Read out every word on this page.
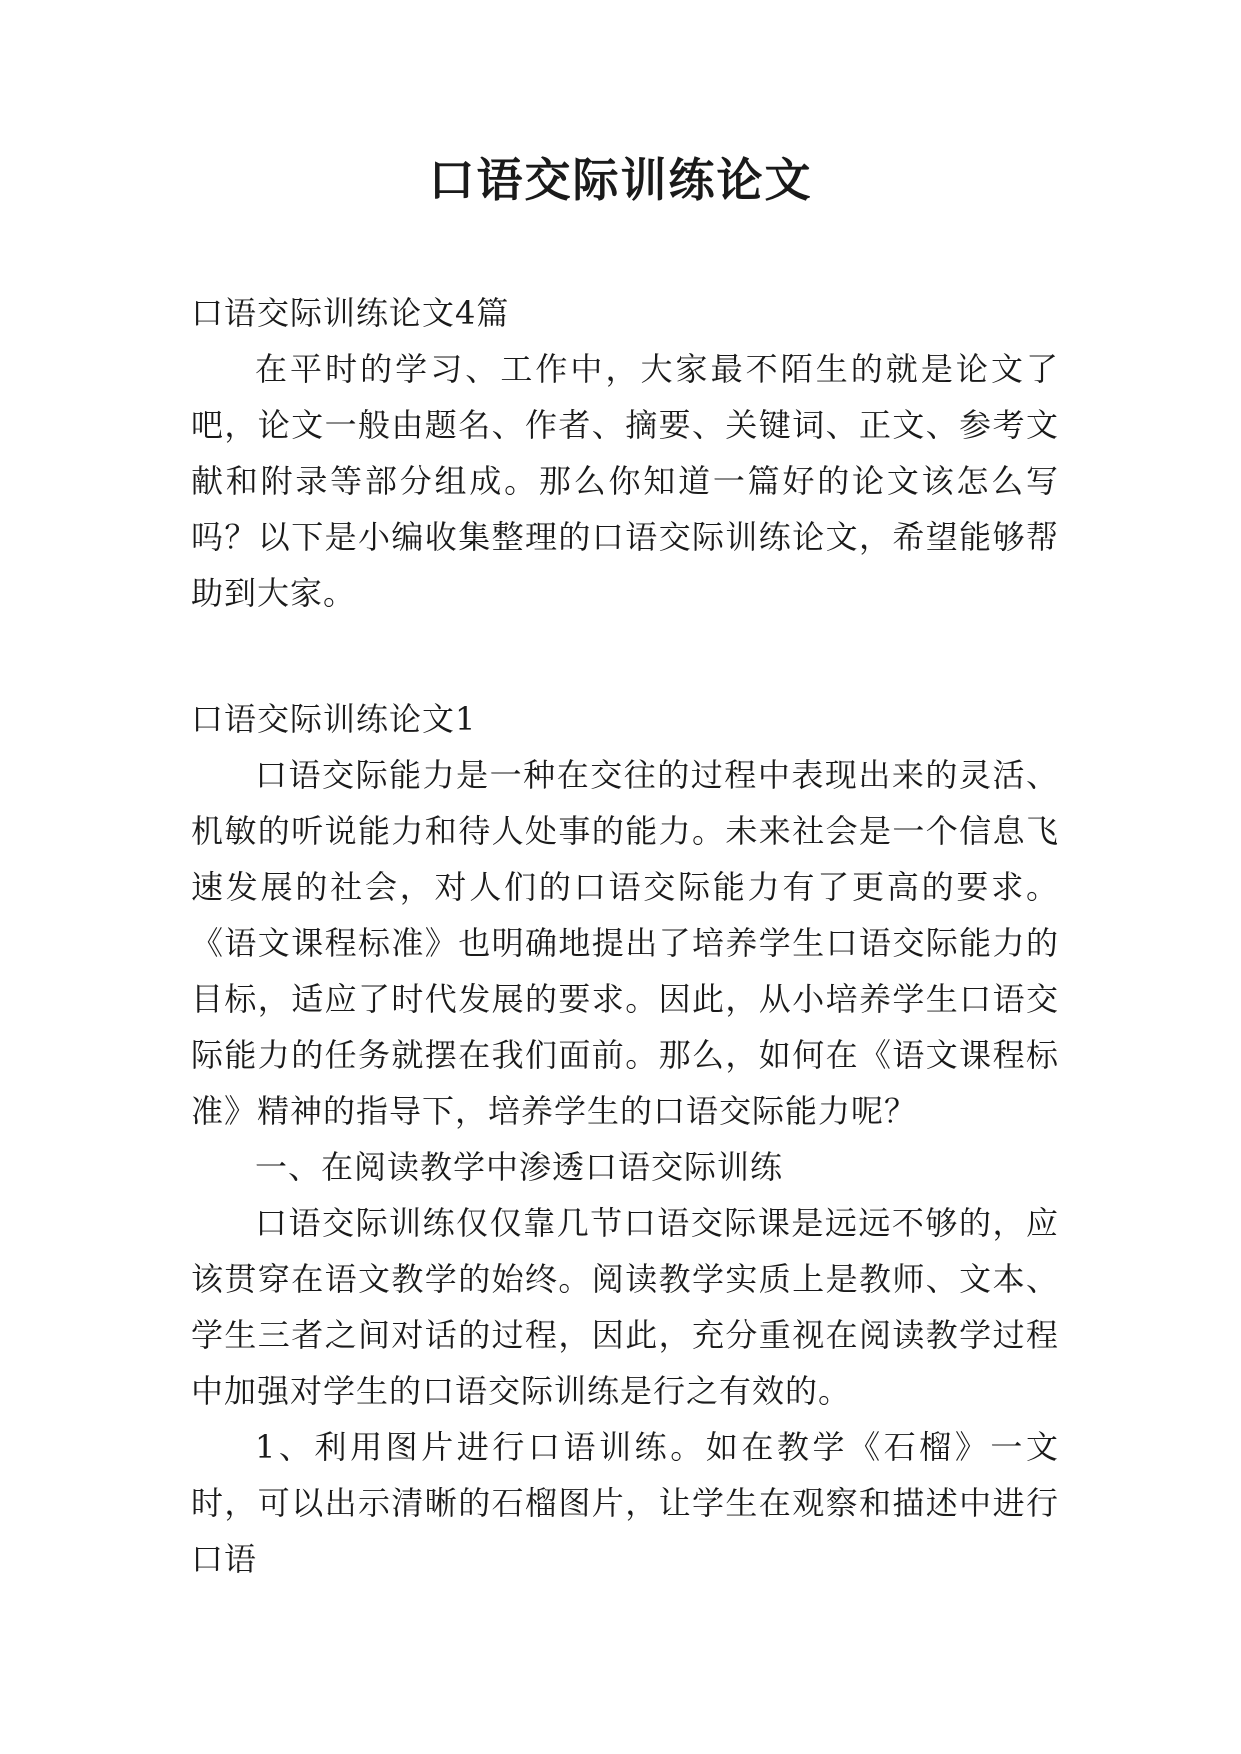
口语交际训练论文

口语交际训练论文4篇

在平时的学习、工作中，大家最不陌生的就是论文了吧，论文一般由题名、作者、摘要、关键词、正文、参考文献和附录等部分组成。那么你知道一篇好的论文该怎么写吗？以下是小编收集整理的口语交际训练论文，希望能够帮助到大家。

口语交际训练论文1

口语交际能力是一种在交往的过程中表现出来的灵活、机敏的听说能力和待人处事的能力。未来社会是一个信息飞速发展的社会，对人们的口语交际能力有了更高的要求。《语文课程标准》也明确地提出了培养学生口语交际能力的目标，适应了时代发展的要求。因此，从小培养学生口语交际能力的任务就摆在我们面前。那么，如何在《语文课程标准》精神的指导下，培养学生的口语交际能力呢？

一、在阅读教学中渗透口语交际训练

口语交际训练仅仅靠几节口语交际课是远远不够的，应该贯穿在语文教学的始终。阅读教学实质上是教师、文本、学生三者之间对话的过程，因此，充分重视在阅读教学过程中加强对学生的口语交际训练是行之有效的。

1、利用图片进行口语训练。如在教学《石榴》一文时，可以出示清晰的石榴图片，让学生在观察和描述中进行口语
